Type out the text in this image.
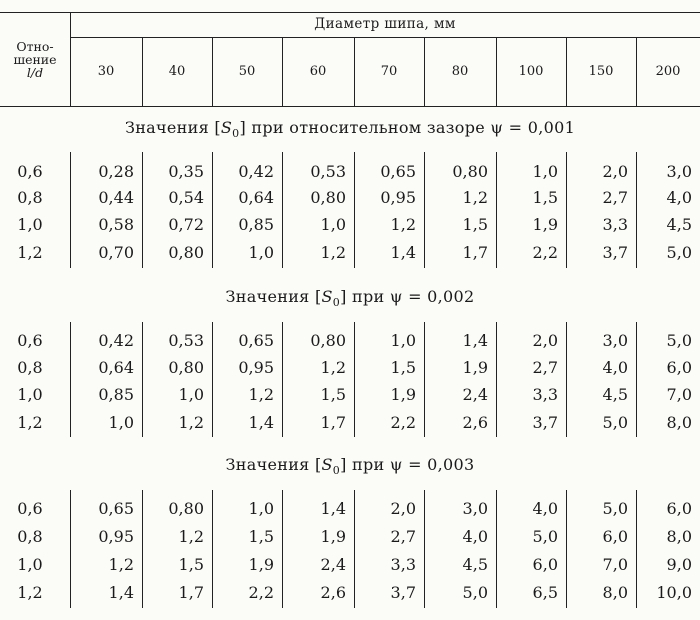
Отно-
шение
l/d
Диаметр шипа, мм
30	40	50	60	70	80	100	150	200
Значения $[S_0]$ при относительном зазоре ψ = 0,001
0,6	0,28	0,35	0,42	0,53	0,65	0,80	1,0	2,0	3,0
0,8	0,44	0,54	0,64	0,80	0,95	1,2	1,5	2,7	4,0
1,0	0,58	0,72	0,85	1,0	1,2	1,5	1,9	3,3	4,5
1,2	0,70	0,80	1,0	1,2	1,4	1,7	2,2	3,7	5,0
Значения $[S_0]$ при ψ = 0,002
0,6	0,42	0,53	0,65	0,80	1,0	1,4	2,0	3,0	5,0
0,8	0,64	0,80	0,95	1,2	1,5	1,9	2,7	4,0	6,0
1,0	0,85	1,0	1,2	1,5	1,9	2,4	3,3	4,5	7,0
1,2	1,0	1,2	1,4	1,7	2,2	2,6	3,7	5,0	8,0
Значения $[S_0]$ при ψ = 0,003
0,6	0,65	0,80	1,0	1,4	2,0	3,0	4,0	5,0	6,0
0,8	0,95	1,2	1,5	1,9	2,7	4,0	5,0	6,0	8,0
1,0	1,2	1,5	1,9	2,4	3,3	4,5	6,0	7,0	9,0
1,2	1,4	1,7	2,2	2,6	3,7	5,0	6,5	8,0	10,0
